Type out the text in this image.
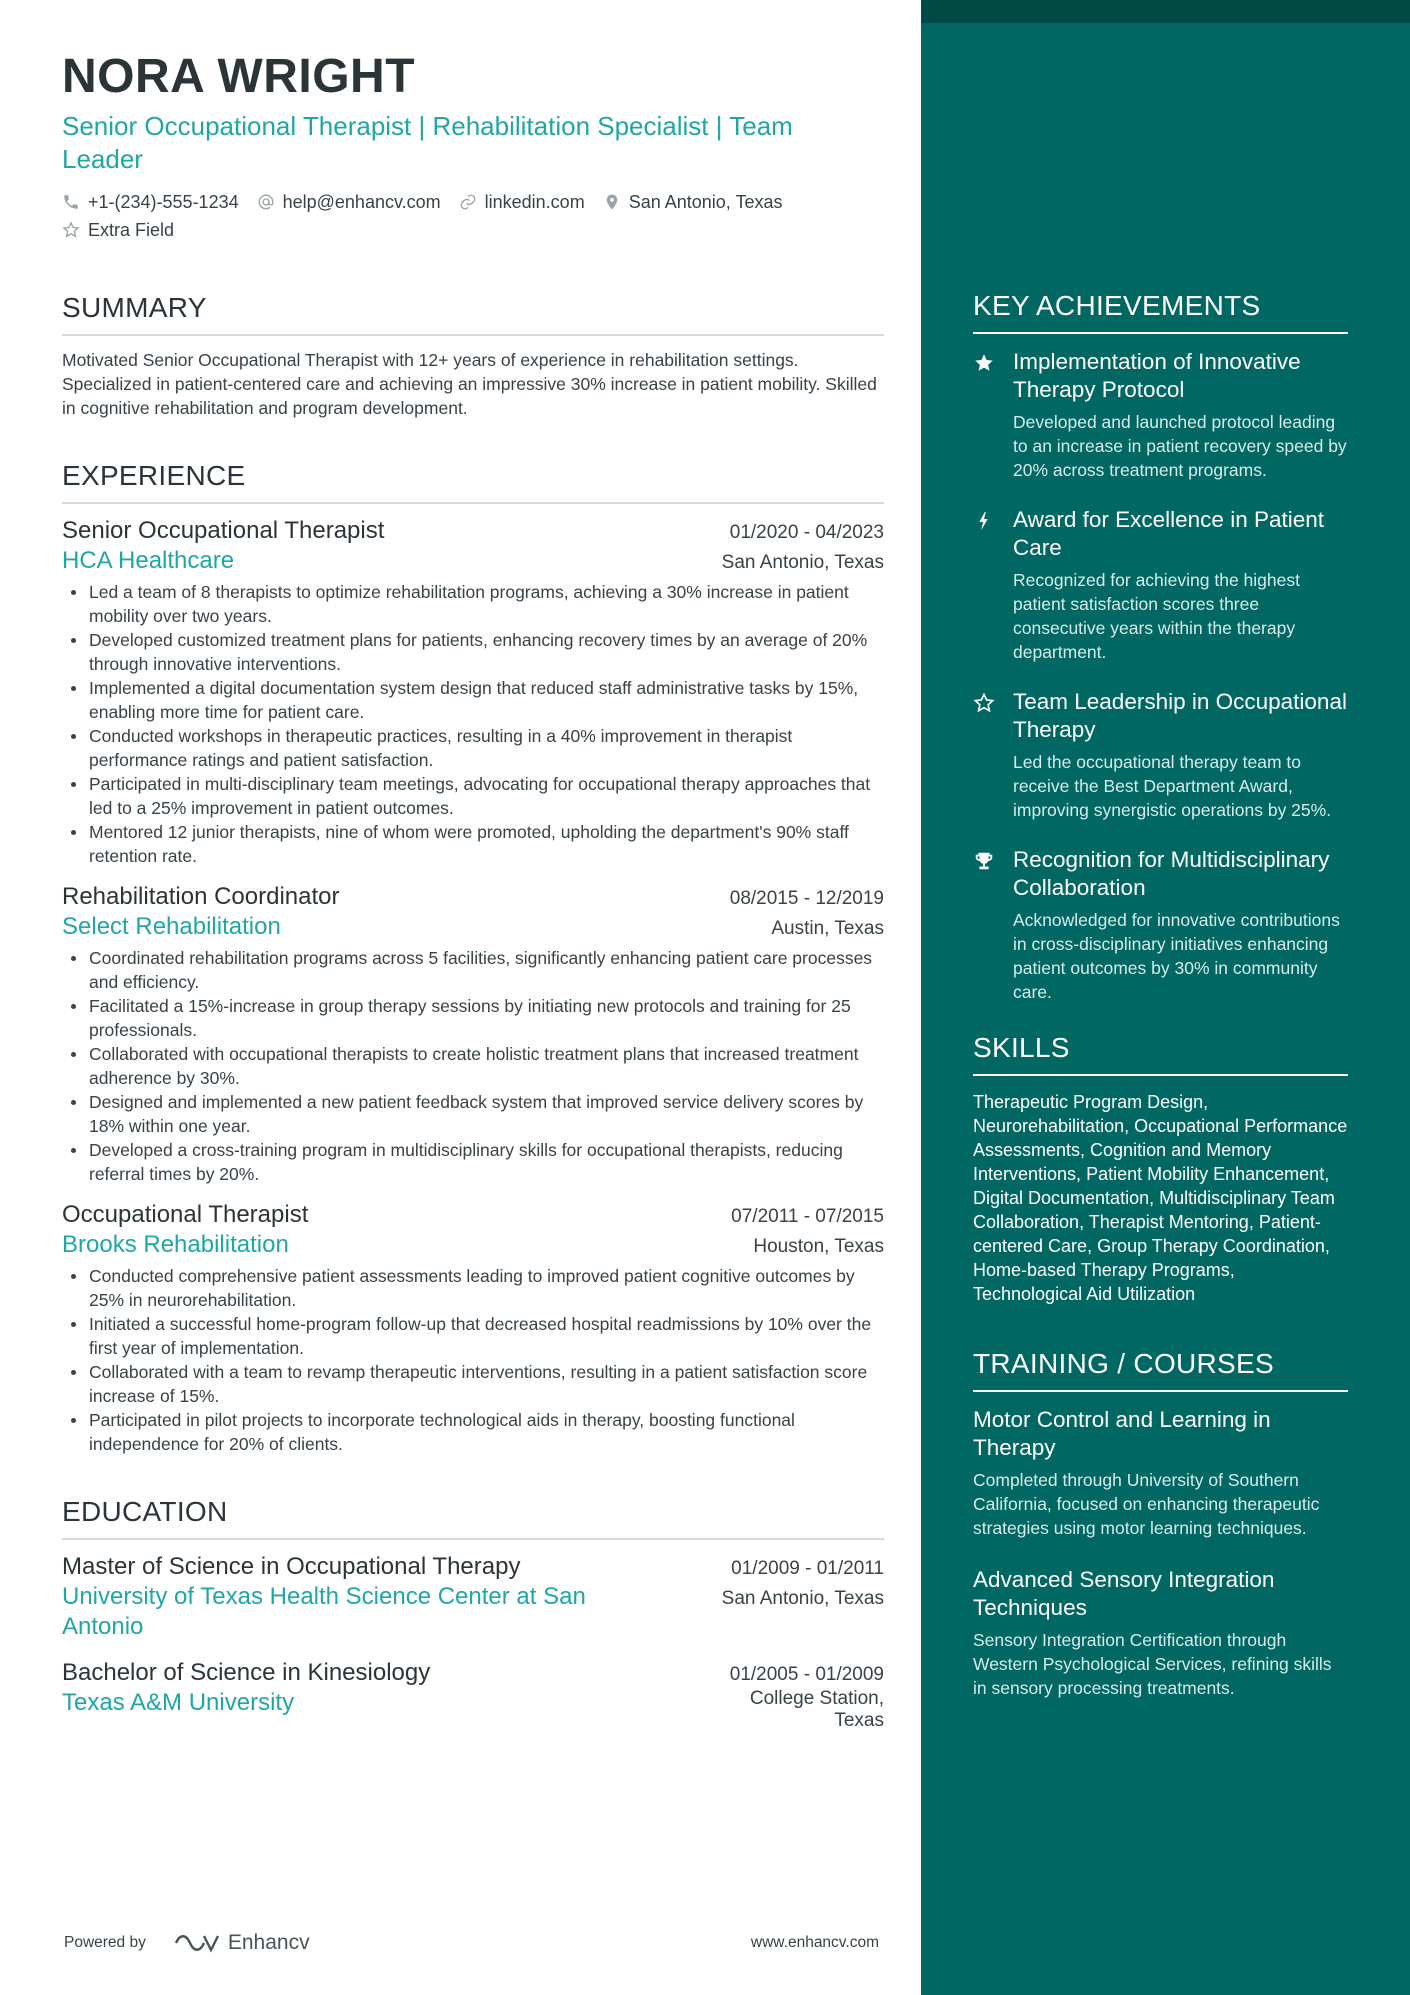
NORA WRIGHT
Senior Occupational Therapist | Rehabilitation Specialist | Team Leader
+1-(234)-555-1234 help@enhancv.com linkedin.com San Antonio, Texas
Extra Field
SUMMARY
Motivated Senior Occupational Therapist with 12+ years of experience in rehabilitation settings. Specialized in patient-centered care and achieving an impressive 30% increase in patient mobility. Skilled in cognitive rehabilitation and program development.
EXPERIENCE
Senior Occupational Therapist	01/2020 - 04/2023
HCA Healthcare	San Antonio, Texas
Led a team of 8 therapists to optimize rehabilitation programs, achieving a 30% increase in patient mobility over two years.
Developed customized treatment plans for patients, enhancing recovery times by an average of 20% through innovative interventions.
Implemented a digital documentation system design that reduced staff administrative tasks by 15%, enabling more time for patient care.
Conducted workshops in therapeutic practices, resulting in a 40% improvement in therapist performance ratings and patient satisfaction.
Participated in multi-disciplinary team meetings, advocating for occupational therapy approaches that led to a 25% improvement in patient outcomes.
Mentored 12 junior therapists, nine of whom were promoted, upholding the department's 90% staff retention rate.
Rehabilitation Coordinator	08/2015 - 12/2019
Select Rehabilitation	Austin, Texas
Coordinated rehabilitation programs across 5 facilities, significantly enhancing patient care processes and efficiency.
Facilitated a 15%-increase in group therapy sessions by initiating new protocols and training for 25 professionals.
Collaborated with occupational therapists to create holistic treatment plans that increased treatment adherence by 30%.
Designed and implemented a new patient feedback system that improved service delivery scores by 18% within one year.
Developed a cross-training program in multidisciplinary skills for occupational therapists, reducing referral times by 20%.
Occupational Therapist	07/2011 - 07/2015
Brooks Rehabilitation	Houston, Texas
Conducted comprehensive patient assessments leading to improved patient cognitive outcomes by 25% in neurorehabilitation.
Initiated a successful home-program follow-up that decreased hospital readmissions by 10% over the first year of implementation.
Collaborated with a team to revamp therapeutic interventions, resulting in a patient satisfaction score increase of 15%.
Participated in pilot projects to incorporate technological aids in therapy, boosting functional independence for 20% of clients.
EDUCATION
Master of Science in Occupational Therapy	01/2009 - 01/2011
University of Texas Health Science Center at San Antonio
San Antonio, Texas
Bachelor of Science in Kinesiology	01/2005 - 01/2009
Texas A&M University	College Station, Texas
Powered by	Enhancv	www.enhancv.com
KEY ACHIEVEMENTS
Implementation of Innovative Therapy Protocol
Developed and launched protocol leading to an increase in patient recovery speed by 20% across treatment programs.
Award for Excellence in Patient Care
Recognized for achieving the highest patient satisfaction scores three consecutive years within the therapy department.
Team Leadership in Occupational Therapy
Led the occupational therapy team to receive the Best Department Award, improving synergistic operations by 25%.
Recognition for Multidisciplinary Collaboration
Acknowledged for innovative contributions in cross-disciplinary initiatives enhancing patient outcomes by 30% in community care.
SKILLS
Therapeutic Program Design, Neurorehabilitation, Occupational Performance Assessments, Cognition and Memory Interventions, Patient Mobility Enhancement, Digital Documentation, Multidisciplinary Team Collaboration, Therapist Mentoring, Patient-centered Care, Group Therapy Coordination, Home-based Therapy Programs, Technological Aid Utilization
TRAINING / COURSES
Motor Control and Learning in Therapy
Completed through University of Southern California, focused on enhancing therapeutic strategies using motor learning techniques.
Advanced Sensory Integration Techniques
Sensory Integration Certification through Western Psychological Services, refining skills in sensory processing treatments.
